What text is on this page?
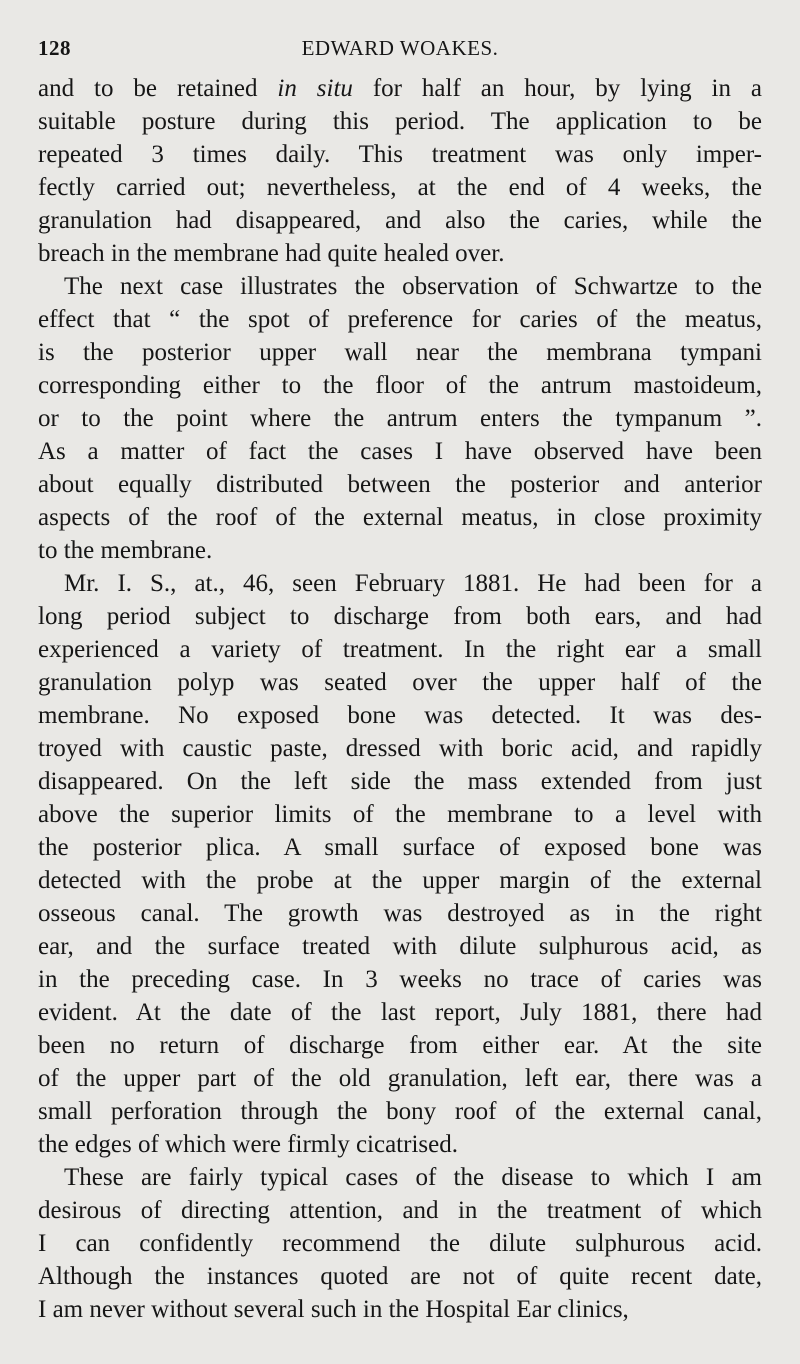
128	EDWARD WOAKES.
and to be retained in situ for half an hour, by lying in a
suitable posture during this period. The application to be
repeated 3 times daily. This treatment was only imper-
fectly carried out; nevertheless, at the end of 4 weeks, the
granulation had disappeared, and also the caries, while the
breach in the membrane had quite healed over.
The next case illustrates the observation of Schwartze to the
effect that “ the spot of preference for caries of the meatus,
is the posterior upper wall near the membrana tympani
corresponding either to the floor of the antrum mastoideum,
or to the point where the antrum enters the tympanum ”.
As a matter of fact the cases I have observed have been
about equally distributed between the posterior and anterior
aspects of the roof of the external meatus, in close proximity
to the membrane.
Mr. I. S., at., 46, seen February 1881. He had been for a
long period subject to discharge from both ears, and had
experienced a variety of treatment. In the right ear a small
granulation polyp was seated over the upper half of the
membrane. No exposed bone was detected. It was des-
troyed with caustic paste, dressed with boric acid, and rapidly
disappeared. On the left side the mass extended from just
above the superior limits of the membrane to a level with
the posterior plica. A small surface of exposed bone was
detected with the probe at the upper margin of the external
osseous canal. The growth was destroyed as in the right
ear, and the surface treated with dilute sulphurous acid, as
in the preceding case. In 3 weeks no trace of caries was
evident. At the date of the last report, July 1881, there had
been no return of discharge from either ear. At the site
of the upper part of the old granulation, left ear, there was a
small perforation through the bony roof of the external canal,
the edges of which were firmly cicatrised.
These are fairly typical cases of the disease to which I am
desirous of directing attention, and in the treatment of which
I can confidently recommend the dilute sulphurous acid.
Although the instances quoted are not of quite recent date,
I am never without several such in the Hospital Ear clinics,
